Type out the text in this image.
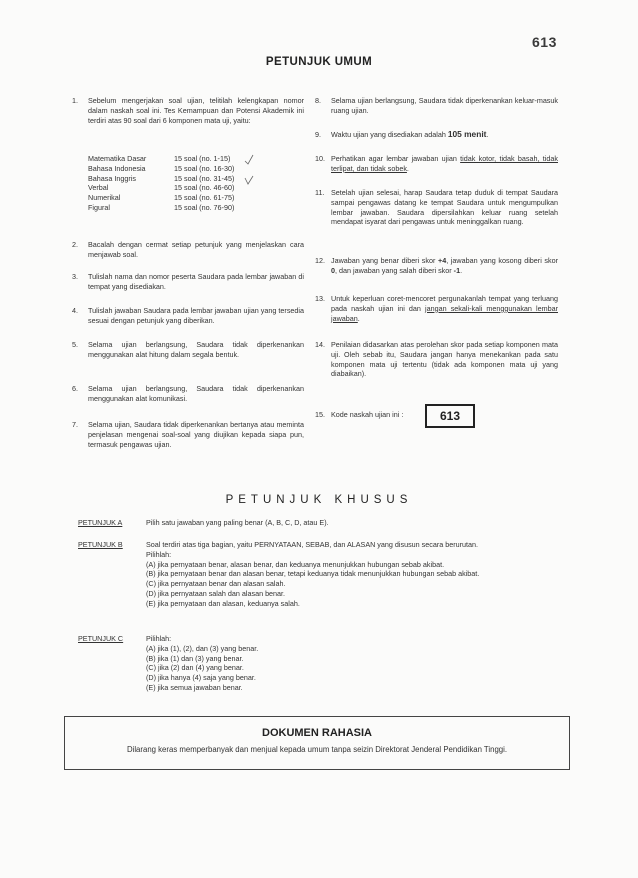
613
PETUNJUK UMUM
1. Sebelum mengerjakan soal ujian, telitilah kelengkapan nomor dalam naskah soal ini. Tes Kemampuan dan Potensi Akademik ini terdiri atas 90 soal dari 6 komponen mata uji, yaitu:
Matematika Dasar	15 soal (no. 1-15)
Bahasa Indonesia	15 soal (no. 16-30)
Bahasa Inggris	15 soal (no. 31-45)
Verbal	15 soal (no. 46-60)
Numerikal	15 soal (no. 61-75)
Figural	15 soal (no. 76-90)
2. Bacalah dengan cermat setiap petunjuk yang menjelaskan cara menjawab soal.
3. Tulislah nama dan nomor peserta Saudara pada lembar jawaban di tempat yang disediakan.
4. Tulislah jawaban Saudara pada lembar jawaban ujian yang tersedia sesuai dengan petunjuk yang diberikan.
5. Selama ujian berlangsung, Saudara tidak diperkenankan menggunakan alat hitung dalam segala bentuk.
6. Selama ujian berlangsung, Saudara tidak diperkenankan menggunakan alat komunikasi.
7. Selama ujian, Saudara tidak diperkenankan bertanya atau meminta penjelasan mengenai soal-soal yang diujikan kepada siapa pun, termasuk pengawas ujian.
8. Selama ujian berlangsung, Saudara tidak diperkenankan keluar-masuk ruang ujian.
9. Waktu ujian yang disediakan adalah 105 menit.
10. Perhatikan agar lembar jawaban ujian tidak kotor, tidak basah, tidak terlipat, dan tidak sobek.
11. Setelah ujian selesai, harap Saudara tetap duduk di tempat Saudara sampai pengawas datang ke tempat Saudara untuk mengumpulkan lembar jawaban. Saudara dipersilahkan keluar ruang setelah mendapat isyarat dari pengawas untuk meninggalkan ruang.
12. Jawaban yang benar diberi skor +4, jawaban yang kosong diberi skor 0, dan jawaban yang salah diberi skor -1.
13. Untuk keperluan coret-mencoret pergunakanlah tempat yang terluang pada naskah ujian ini dan jangan sekali-kali menggunakan lembar jawaban.
14. Penilaian didasarkan atas perolehan skor pada setiap komponen mata uji. Oleh sebab itu, Saudara jangan hanya menekankan pada satu komponen mata uji tertentu (tidak ada komponen mata uji yang diabaikan).
15. Kode naskah ujian ini :	613
PETUNJUK KHUSUS
PETUNJUK A	Pilih satu jawaban yang paling benar (A, B, C, D, atau E).
PETUNJUK B	Soal terdiri atas tiga bagian, yaitu PERNYATAAN, SEBAB, dan ALASAN yang disusun secara berurutan.
Pilihlah:
(A) jika pernyataan benar, alasan benar, dan keduanya menunjukkan hubungan sebab akibat.
(B) jika pernyataan benar dan alasan benar, tetapi keduanya tidak menunjukkan hubungan sebab akibat.
(C) jika pernyataan benar dan alasan salah.
(D) jika pernyataan salah dan alasan benar.
(E) jika pernyataan dan alasan, keduanya salah.
PETUNJUK C	Pilihlah:
(A) jika (1), (2), dan (3) yang benar.
(B) jika (1) dan (3) yang benar.
(C) jika (2) dan (4) yang benar.
(D) jika hanya (4) saja yang benar.
(E) jika semua jawaban benar.
DOKUMEN RAHASIA
Dilarang keras memperbanyak dan menjual kepada umum tanpa seizin Direktorat Jenderal Pendidikan Tinggi.
